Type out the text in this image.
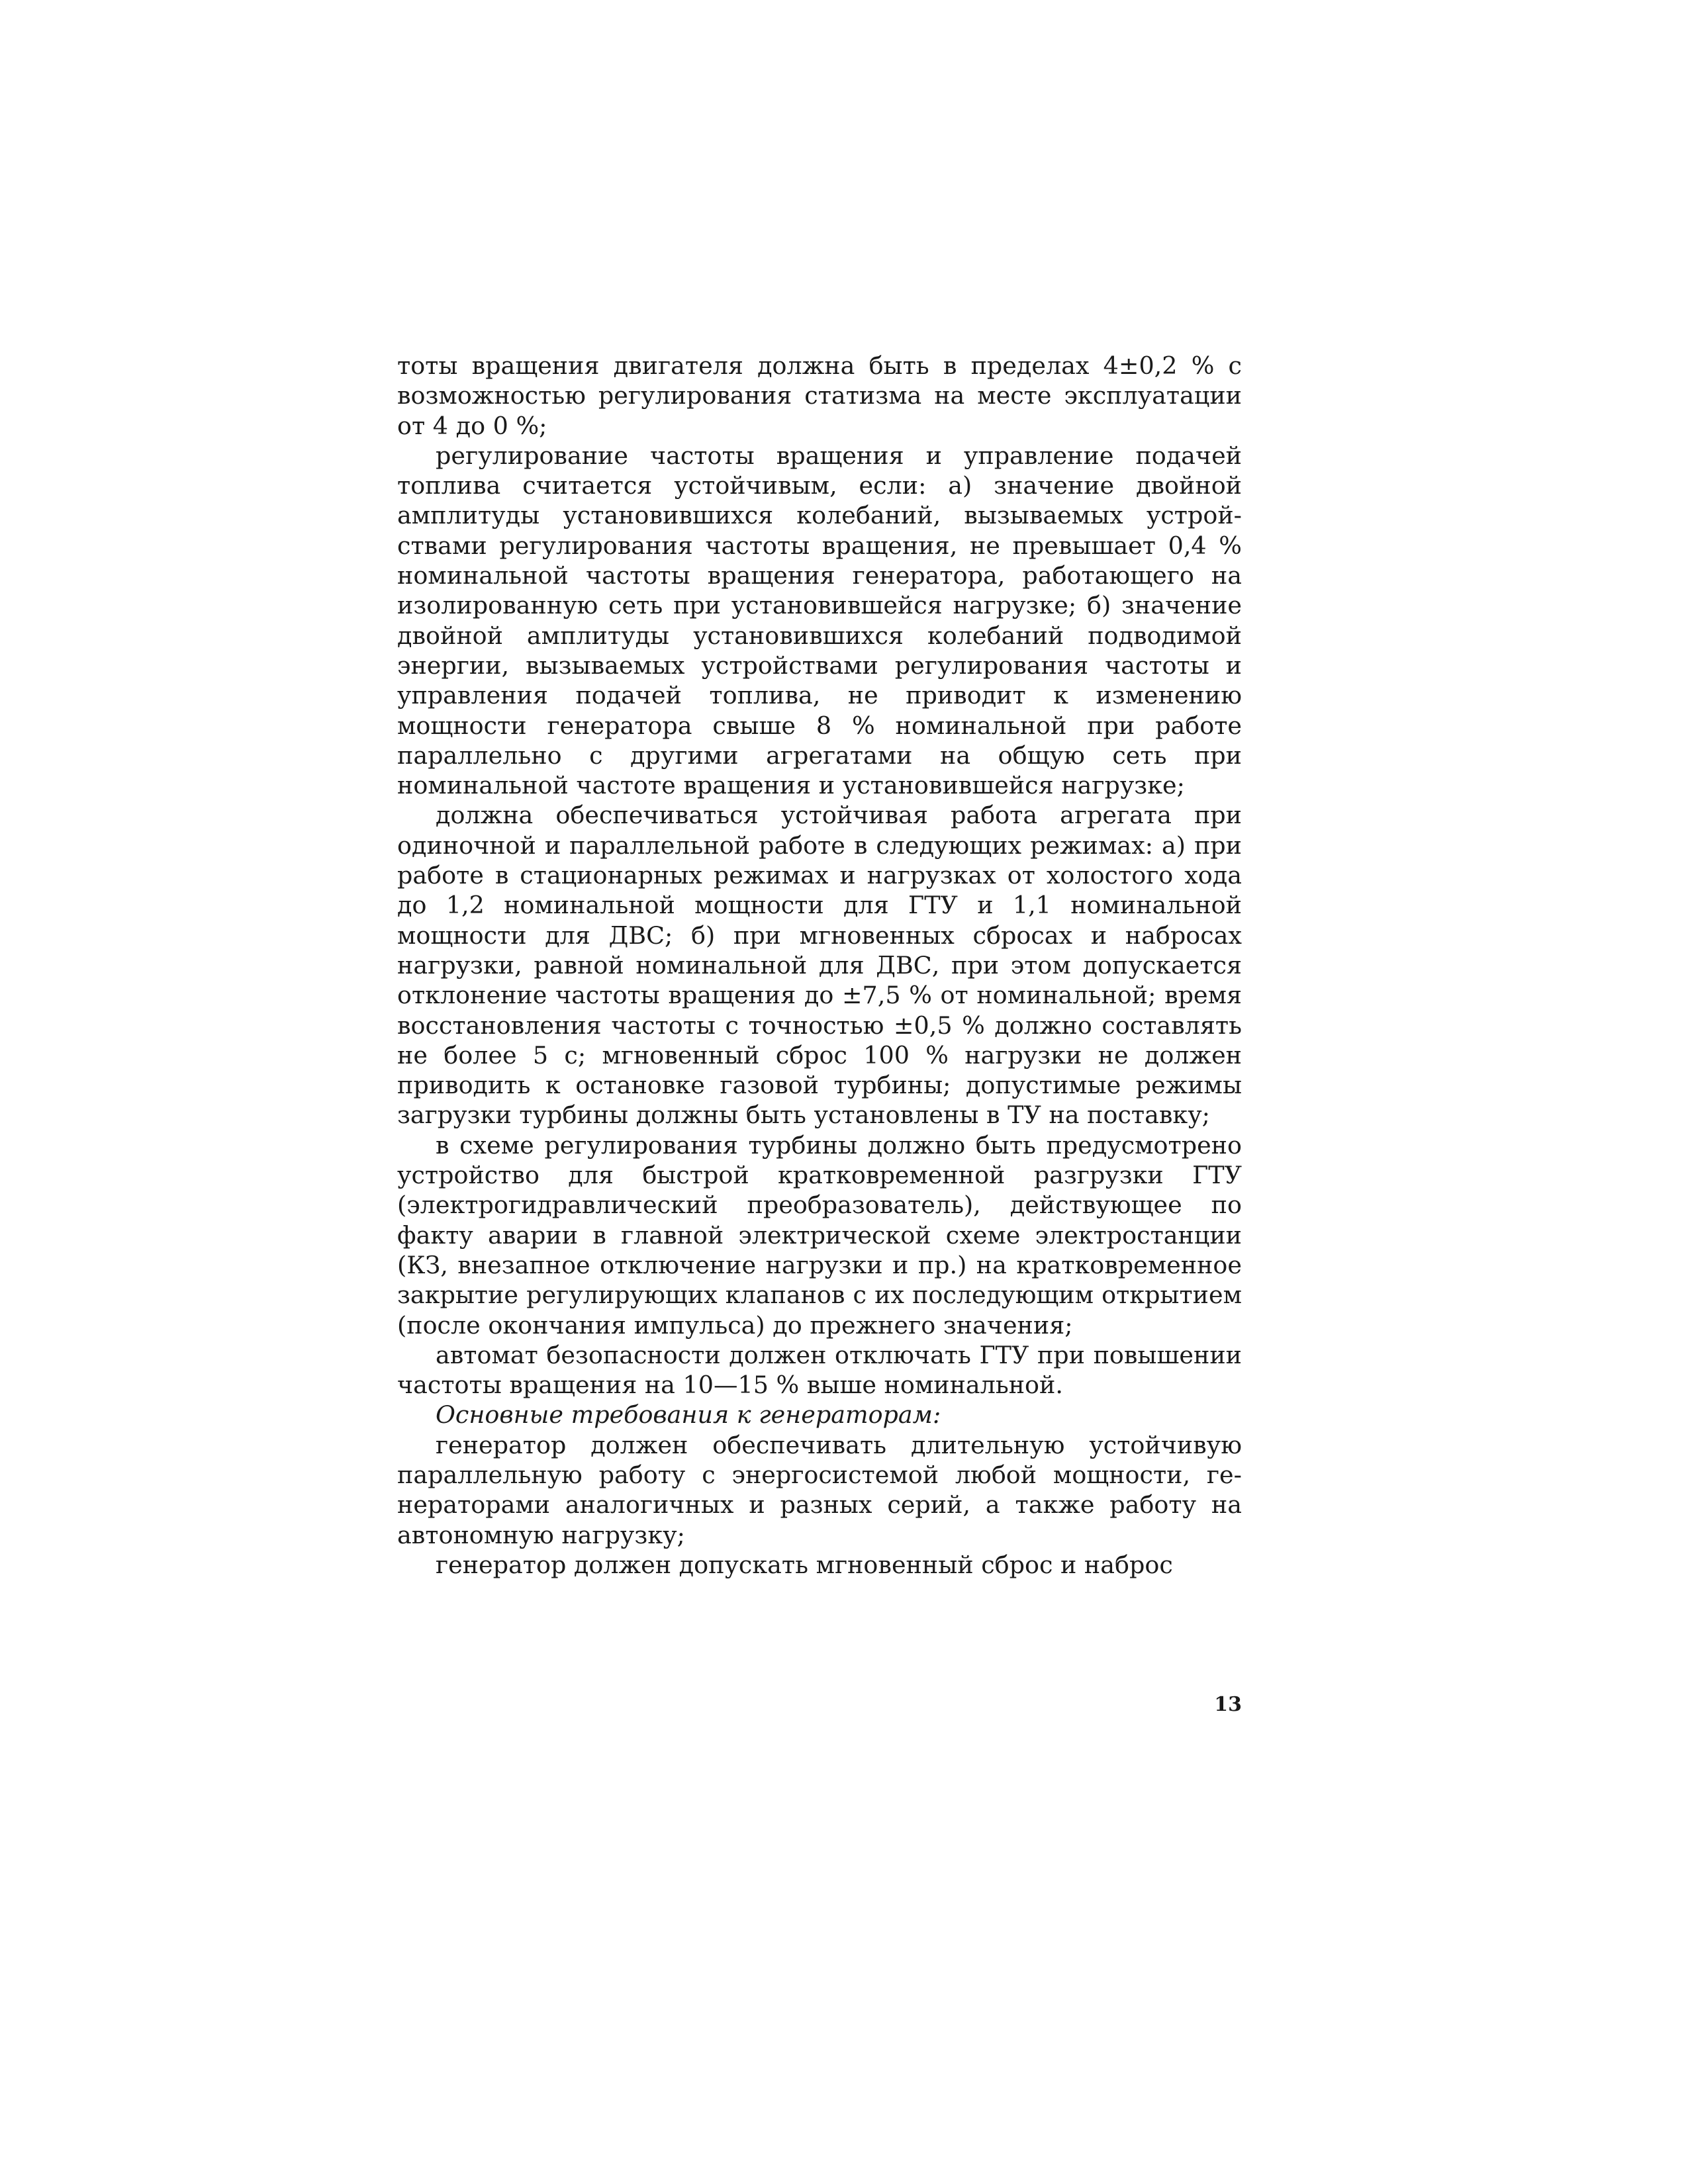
тоты вращения двигателя должна быть в пределах 4±0,2 % с возможностью регулирования статизма на месте эксплуатации от 4 до 0 %;

регулирование частоты вращения и управление подачей топлива считается устойчивым, если: а) значение двойной амплитуды установившихся колебаний, вызываемых устройствами регулирования частоты вращения, не превышает 0,4 % номинальной частоты вращения генератора, работающего на изолированную сеть при установившейся нагрузке; б) значение двойной амплитуды установившихся колебаний подводимой энергии, вызываемых устройствами регулирования частоты и управления подачей топлива, не приводит к изменению мощности генератора свыше 8 % номинальной при работе параллельно с другими агрегатами на общую сеть при номинальной частоте вращения и установившейся нагрузке;

должна обеспечиваться устойчивая работа агрегата при одиночной и параллельной работе в следующих режимах: а) при работе в стационарных режимах и нагрузках от холостого хода до 1,2 номинальной мощности для ГТУ и 1,1 номинальной мощности для ДВС; б) при мгновенных сбросах и набросах нагрузки, равной номинальной для ДВС, при этом допускается отклонение частоты вращения до ±7,5 % от номинальной; время восстановления частоты с точностью ±0,5 % должно составлять не более 5 с; мгновенный сброс 100 % нагрузки не должен приводить к остановке газовой турбины; допустимые режимы загрузки турбины должны быть установлены в ТУ на поставку;

в схеме регулирования турбины должно быть предусмотрено устройство для быстрой кратковременной разгрузки ГТУ (электрогидравлический преобразователь), действующее по факту аварии в главной электрической схеме электростанции (КЗ, внезапное отключение нагрузки и пр.) на кратковременное закрытие регулирующих клапанов с их последующим открытием (после окончания импульса) до прежнего значения;

автомат безопасности должен отключать ГТУ при повышении частоты вращения на 10—15 % выше номинальной.

Основные требования к генераторам:

генератор должен обеспечивать длительную устойчивую параллельную работу с энергосистемой любой мощности, генераторами аналогичных и разных серий, а также работу на автономную нагрузку;

генератор должен допускать мгновенный сброс и наброс

13
